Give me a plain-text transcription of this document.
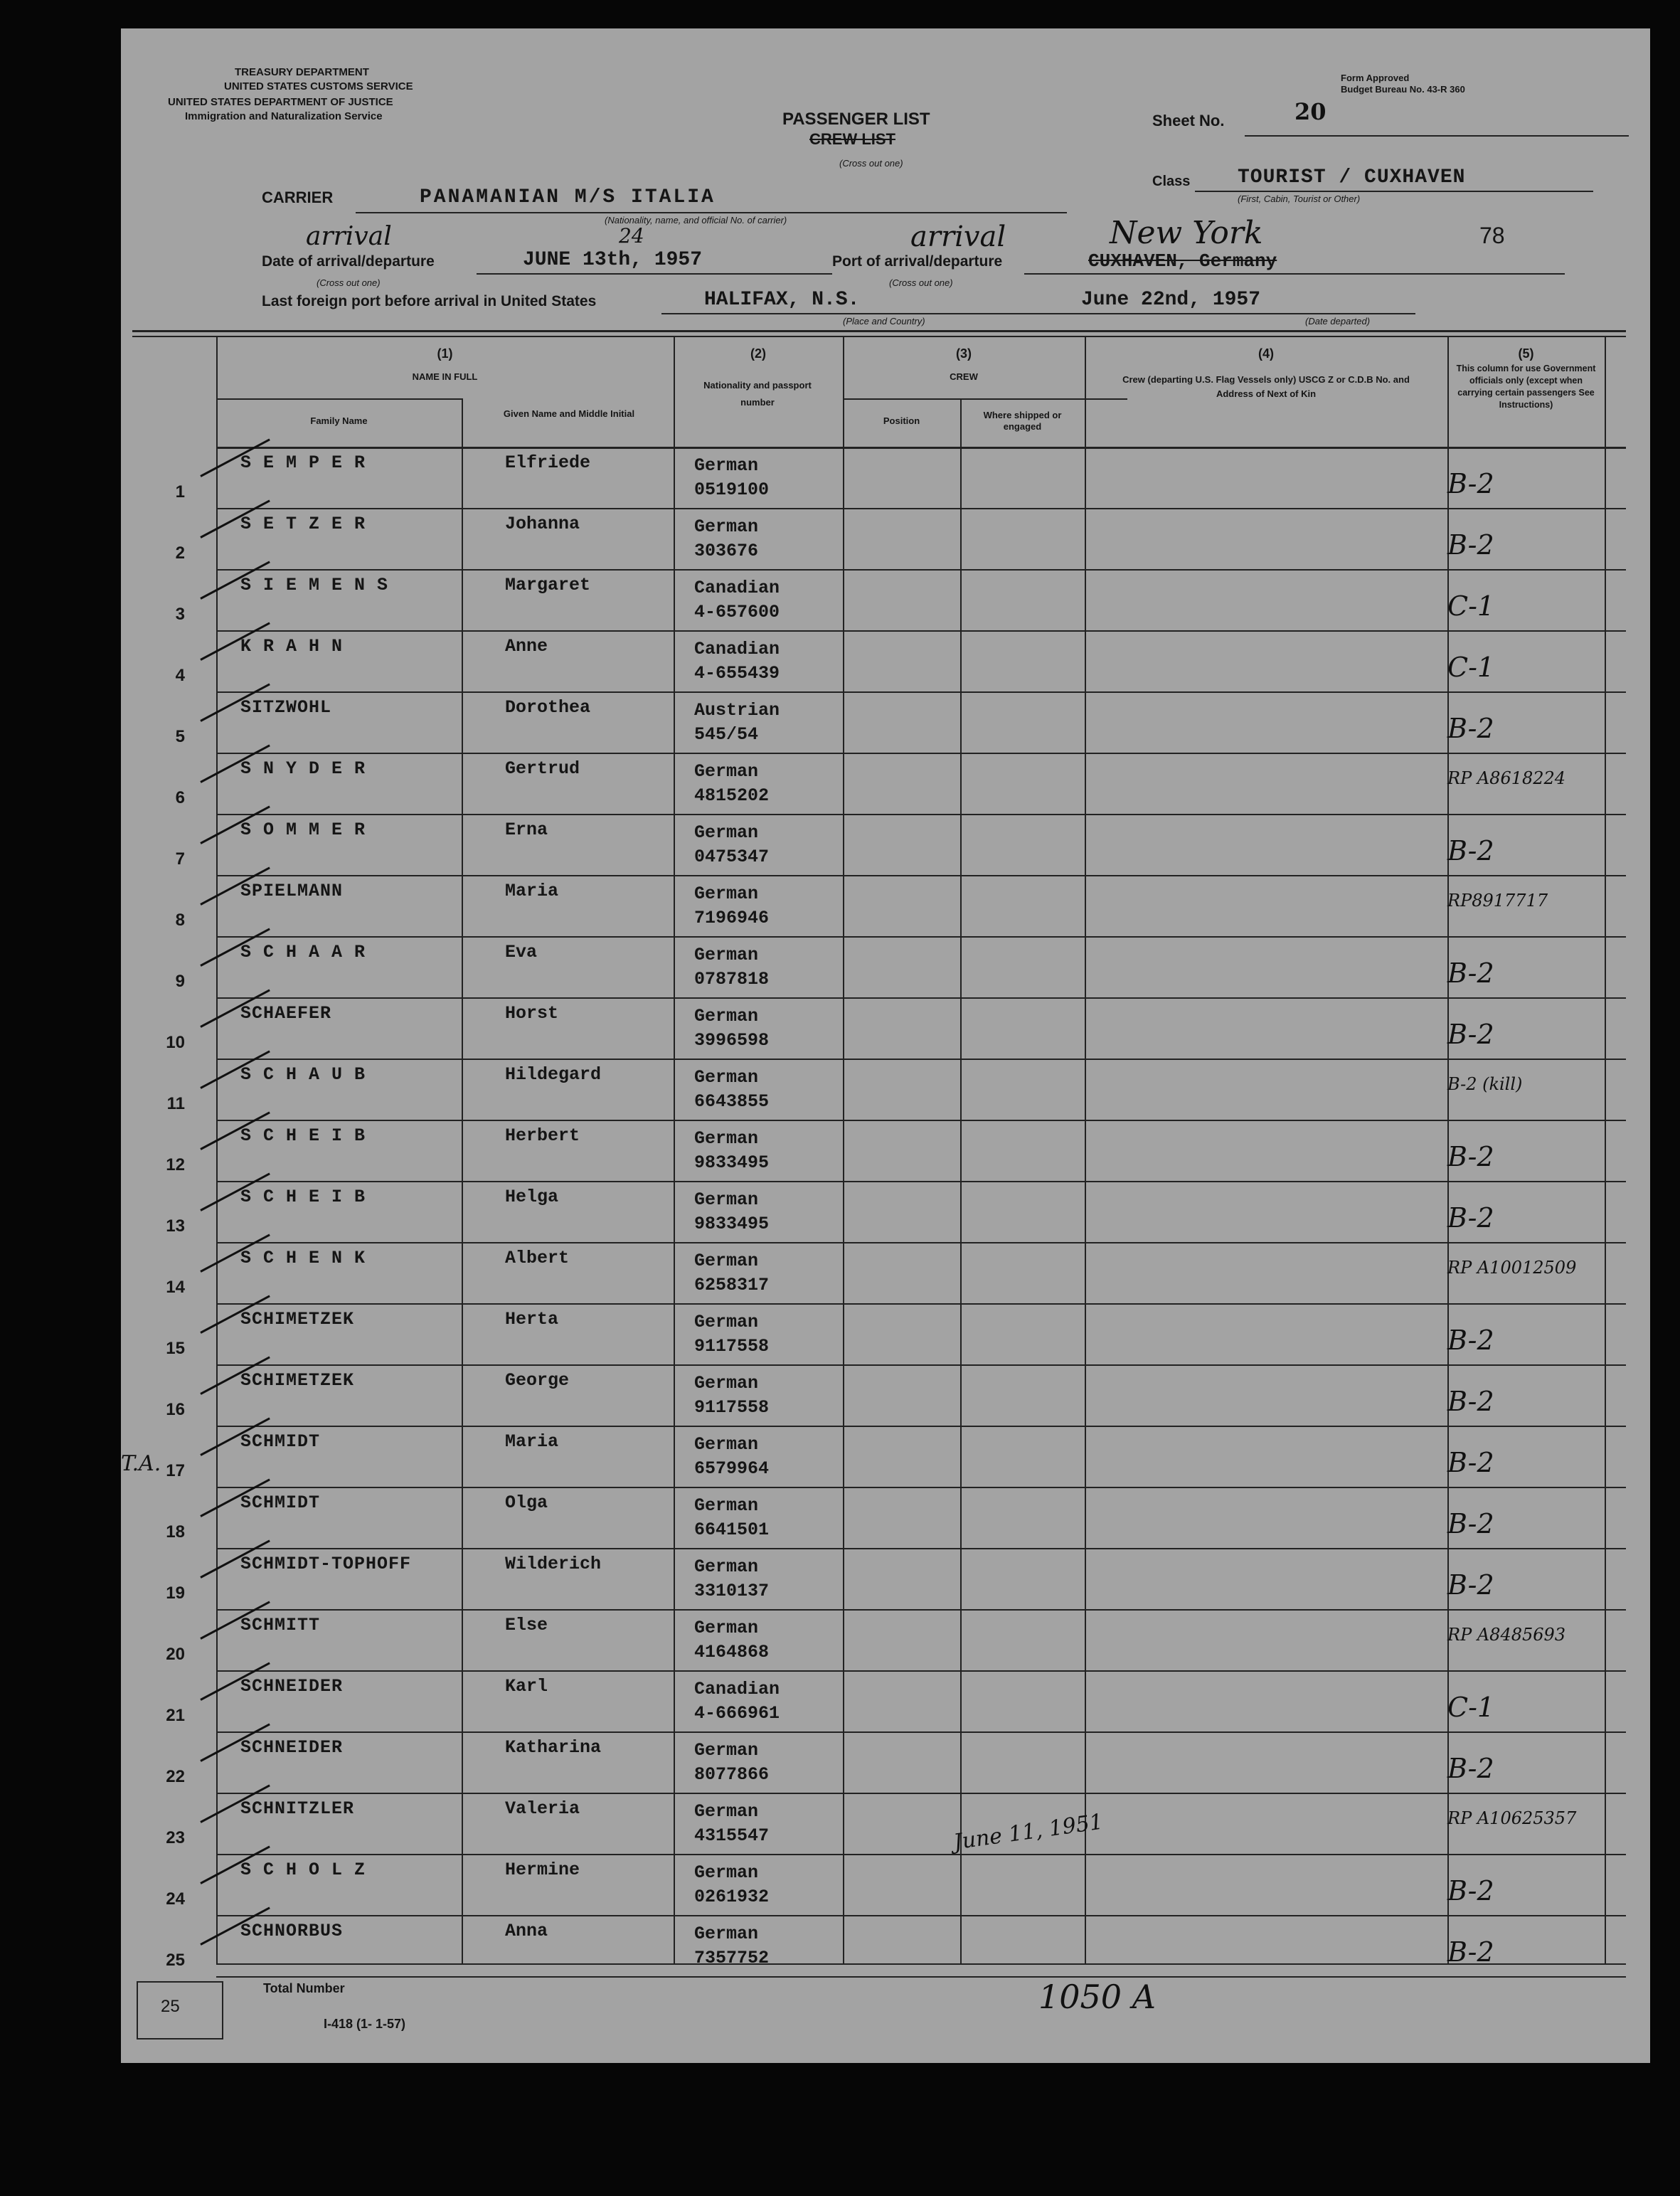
TREASURY DEPARTMENT
UNITED STATES CUSTOMS SERVICE
UNITED STATES DEPARTMENT OF JUSTICE
Immigration and Naturalization Service
Form Approved
Budget Bureau No. 43-R 360
PASSENGER LIST
CREW LIST
(Cross out one)
Sheet No.	20
CARRIER	PANAMANIAN M/S ITALIA
(Nationality, name, and official No. of carrier)
Class TOURIST / CUXHAVEN
(First, Cabin, Tourist or Other)
Date of arrival/departure
arrival	24
JUNE 13th, 1957
(Cross out one)
Port of arrival/departure
arrival	New York
CUXHAVEN, Germany
(Cross out one)
78
Last foreign port before arrival in United States	HALIFAX, N.S.
(Place and Country)
June 22nd, 1957
(Date departed)
(1)
NAME IN FULL
Family Name
Given Name and Middle Initial
(2)
Nationality and passport number
(3)
CREW
Position
Where shipped or engaged
(4)
Crew (departing U.S. Flag Vessels only) USCG Z or C.D.B No. and Address of Next of Kin
(5)
This column for use Government officials only (except when carrying certain passengers See Instructions)
1
S E M P E R	Elfriede	German
0519100	B-2
2
S E T Z E R	Johanna	German
303676	B-2
3
S I E M E N S	Margaret	Canadian
4-657600	C-1
4
K R A H N	Anne	Canadian
4-655439	C-1
5
SITZWOHL	Dorothea	Austrian
545/54	B-2
6
S N Y D E R	Gertrud	German
4815202
RP A8618224
7
S O M M E R	Erna	German
0475347	B-2
8
SPIELMANN	Maria	German
7196946
RP8917717
9
S C H A A R	Eva	German
0787818	B-2
10
SCHAEFER	Horst	German
3996598	B-2
11
S C H A U B	Hildegard	German
6643855
B-2 (kill)
12
S C H E I B	Herbert	German
9833495	B-2
13
S C H E I B	Helga	German
9833495	B-2
14
S C H E N K	Albert	German
6258317
RP A10012509
15
SCHIMETZEK	Herta	German
9117558	B-2
16
SCHIMETZEK	George	German
9117558	B-2
17
SCHMIDT	Maria	German
6579964	B-2
18
SCHMIDT	Olga	German
6641501	B-2
19
SCHMIDT-TOPHOFF	Wilderich	German
3310137	B-2
20
SCHMITT	Else	German
4164868
RP A8485693
21
SCHNEIDER	Karl	Canadian
4-666961	C-1
22
SCHNEIDER	Katharina	German
8077866	B-2
23
SCHNITZLER	Valeria	German
4315547
RP A10625357
24
S C H O L Z	Hermine	German
0261932	B-2
25
SCHNORBUS	Anna	German
7357752	B-2
25
Total Number
I-418 (1- 1-57)
T.A.
1050 A
June 11, 1951
